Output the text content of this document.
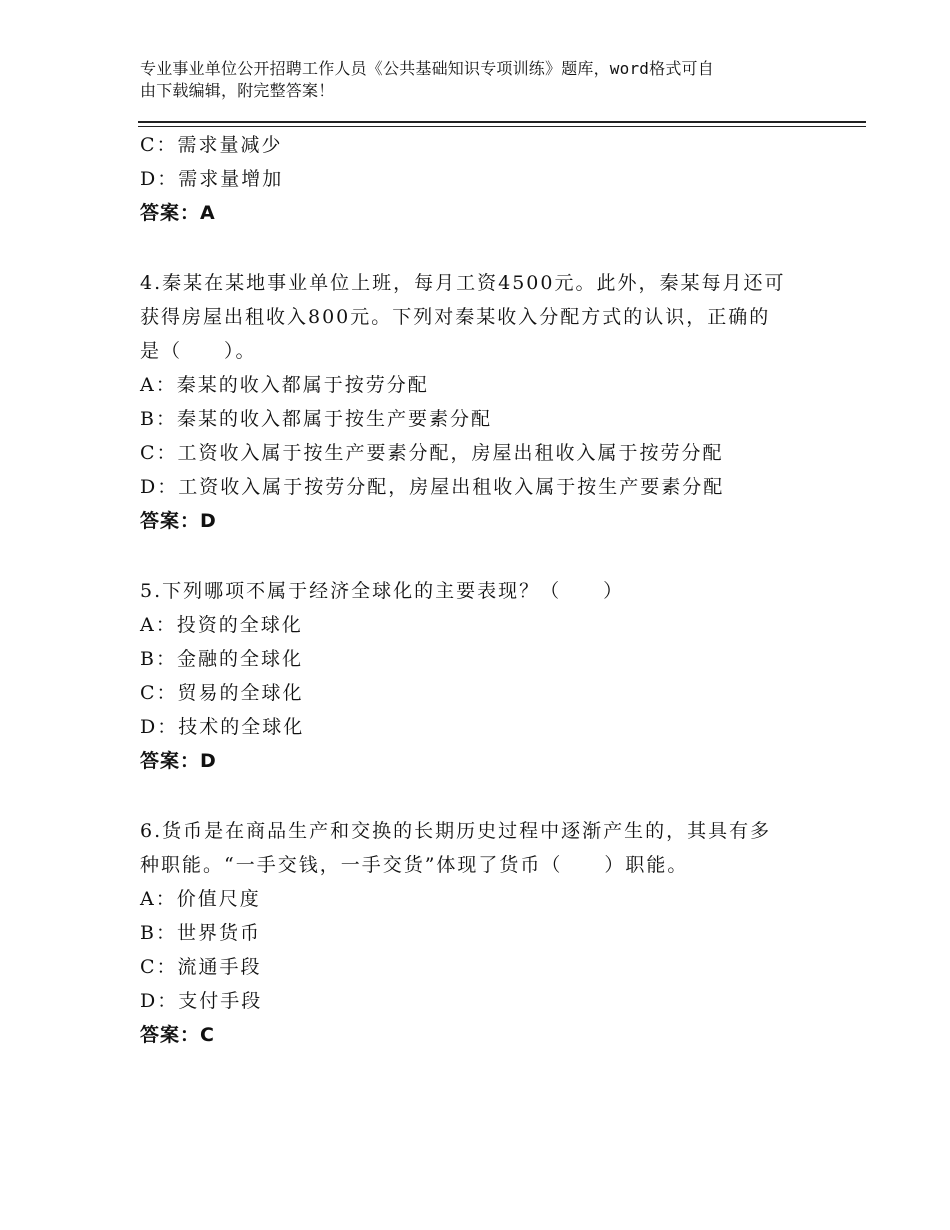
专业事业单位公开招聘工作人员《公共基础知识专项训练》题库，word格式可自
由下载编辑，附完整答案！
C：需求量减少
D：需求量增加
答案：A
4.秦某在某地事业单位上班，每月工资4500元。此外，秦某每月还可
获得房屋出租收入800元。下列对秦某收入分配方式的认识，正确的
是（　　）。
A：秦某的收入都属于按劳分配
B：秦某的收入都属于按生产要素分配
C：工资收入属于按生产要素分配，房屋出租收入属于按劳分配
D：工资收入属于按劳分配，房屋出租收入属于按生产要素分配
答案：D
5.下列哪项不属于经济全球化的主要表现？（　　）
A：投资的全球化
B：金融的全球化
C：贸易的全球化
D：技术的全球化
答案：D
6.货币是在商品生产和交换的长期历史过程中逐渐产生的，其具有多
种职能。“一手交钱，一手交货”体现了货币（　　）职能。
A：价值尺度
B：世界货币
C：流通手段
D：支付手段
答案：C
